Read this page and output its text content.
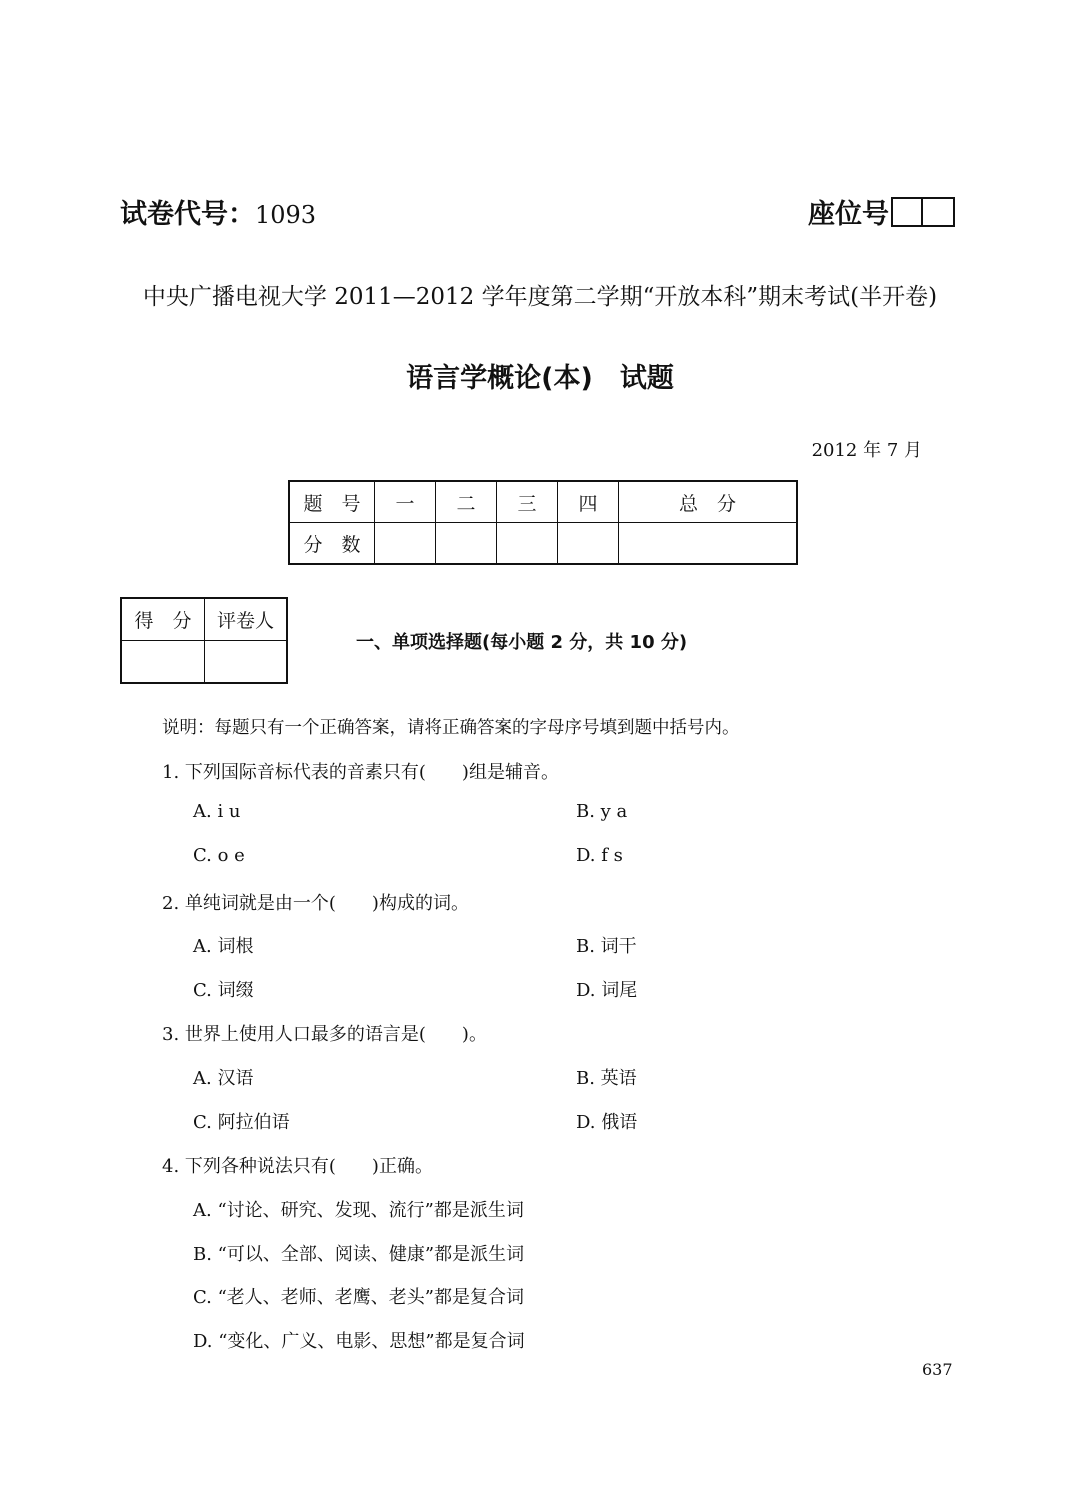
试卷代号：1093	座位号
中央广播电视大学 2011—2012 学年度第二学期“开放本科”期末考试(半开卷)
语言学概论(本)　试题
2012 年 7 月
题　号	一	二	三	四	总　分
分　数					
得　分	评卷人

一、单项选择题(每小题 2 分，共 10 分)
说明：每题只有一个正确答案，请将正确答案的字母序号填到题中括号内。
1. 下列国际音标代表的音素只有(　　)组是辅音。
A. i u	B. y a
C. o e	D. f s
2. 单纯词就是由一个(　　)构成的词。
A. 词根	B. 词干
C. 词缀	D. 词尾
3. 世界上使用人口最多的语言是(　　)。
A. 汉语	B. 英语
C. 阿拉伯语	D. 俄语
4. 下列各种说法只有(　　)正确。
A. “讨论、研究、发现、流行”都是派生词
B. “可以、全部、阅读、健康”都是派生词
C. “老人、老师、老鹰、老头”都是复合词
D. “变化、广义、电影、思想”都是复合词
637
